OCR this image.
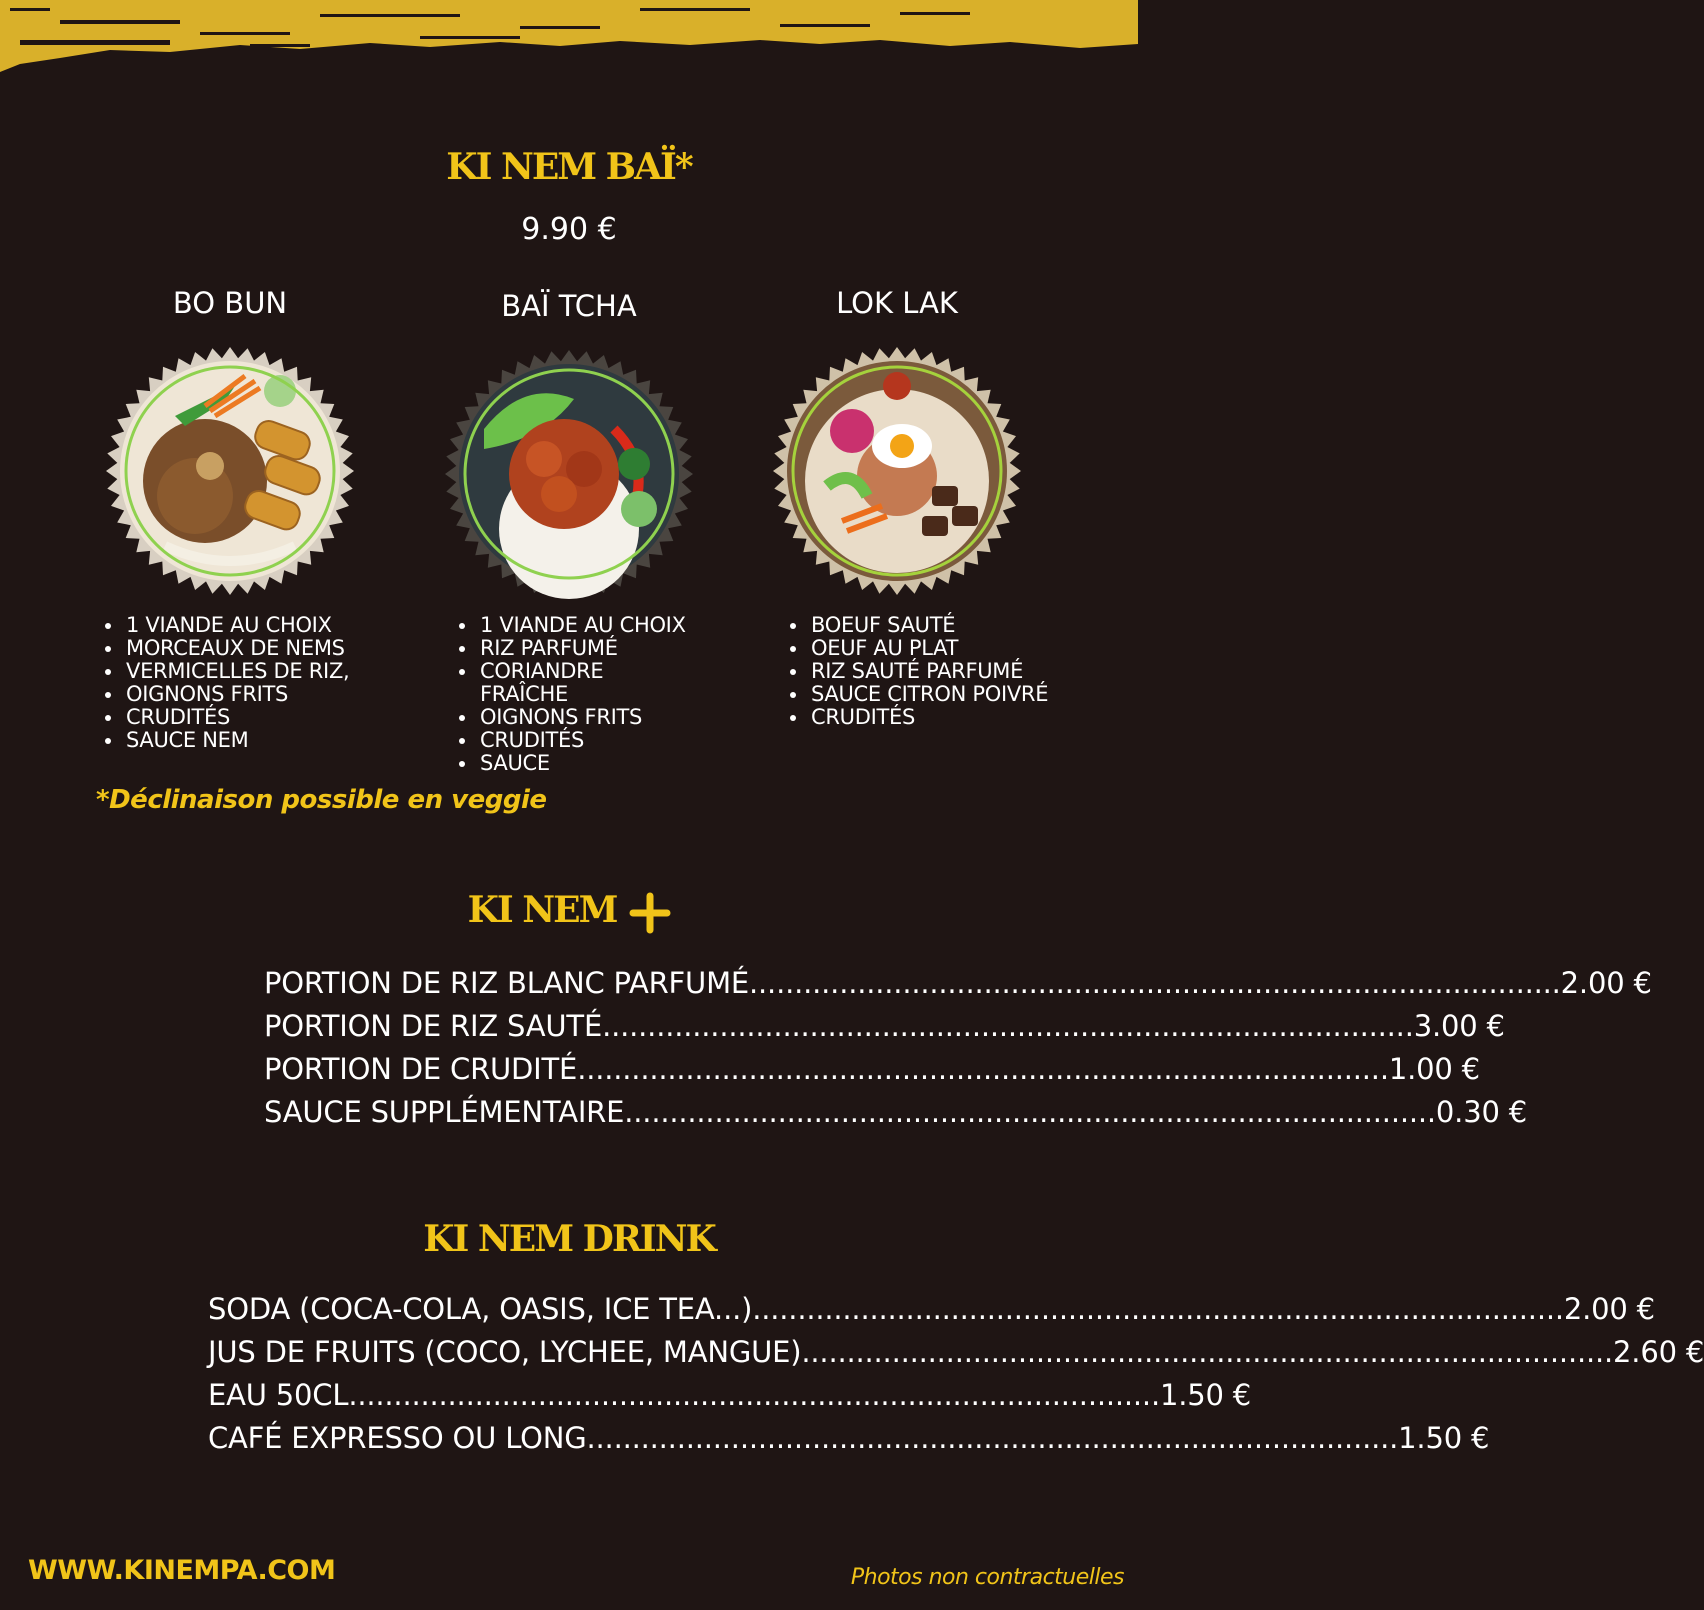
KI NEM BAÏ*
9.90 €

BO BUN	BAÏ TCHA	LOK LAK

• 1 VIANDE AU CHOIX
• MORCEAUX DE NEMS
• VERMICELLES DE RIZ,
• OIGNONS FRITS
• CRUDITÉS
• SAUCE NEM
• 1 VIANDE AU CHOIX
• RIZ PARFUMÉ
• CORIANDRE FRAÎCHE
• OIGNONS FRITS
• CRUDITÉS
• SAUCE
• BOEUF SAUTÉ
• OEUF AU PLAT
• RIZ SAUTÉ PARFUMÉ
• SAUCE CITRON POIVRÉ
• CRUDITÉS
*Déclinaison possible en veggie
KI NEM
PORTION DE RIZ BLANC PARFUMÉ .......................................................................................... 2.00 €
PORTION DE RIZ SAUTÉ .......................................................................................... 3.00 €
PORTION DE CRUDITÉ .......................................................................................... 1.00 €
SAUCE SUPPLÉMENTAIRE .......................................................................................... 0.30 €
KI NEM DRINK
SODA (COCA-COLA, OASIS, ICE TEA...) .......................................................................................... 2.00 €
JUS DE FRUITS (COCO, LYCHEE, MANGUE) .......................................................................................... 2.60 €
EAU 50CL .......................................................................................... 1.50 €
CAFÉ EXPRESSO OU LONG .......................................................................................... 1.50 €
WWW.KINEMPA.COM	Photos non contractuelles
